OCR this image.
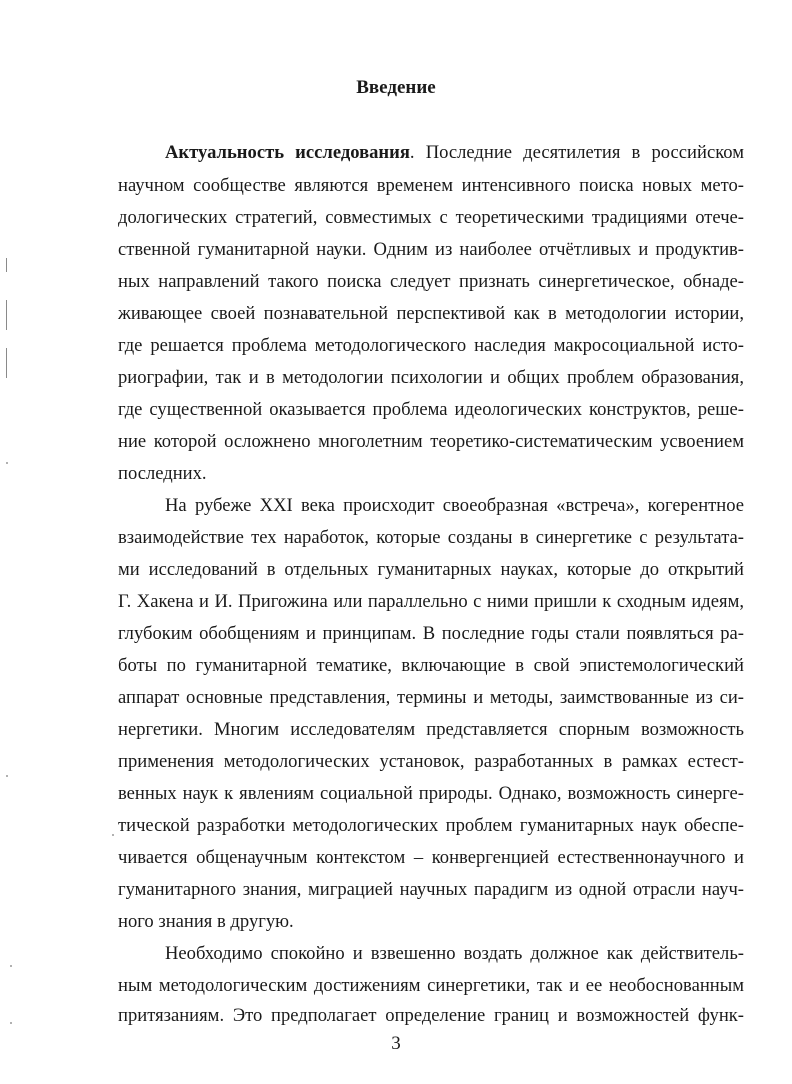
Введение
Актуальность исследования. Последние десятилетия в российском
научном сообществе являются временем интенсивного поиска новых мето-
дологических стратегий, совместимых с теоретическими традициями отече-
ственной гуманитарной науки. Одним из наиболее отчётливых и продуктив-
ных направлений такого поиска следует признать синергетическое, обнаде-
живающее своей познавательной перспективой как в методологии истории,
где решается проблема методологического наследия макросоциальной исто-
риографии, так и в методологии психологии и общих проблем образования,
где существенной оказывается проблема идеологических конструктов, реше-
ние которой осложнено многолетним теоретико-систематическим усвоением
последних.
На рубеже XXI века происходит своеобразная «встреча», когерентное
взаимодействие тех наработок, которые созданы в синергетике с результата-
ми исследований в отдельных гуманитарных науках, которые до открытий
Г. Хакена и И. Пригожина или параллельно с ними пришли к сходным идеям,
глубоким обобщениям и принципам. В последние годы стали появляться ра-
боты по гуманитарной тематике, включающие в свой эпистемологический
аппарат основные представления, термины и методы, заимствованные из си-
нергетики. Многим исследователям представляется спорным возможность
применения методологических установок, разработанных в рамках естест-
венных наук к явлениям социальной природы. Однако, возможность синерге-
тической разработки методологических проблем гуманитарных наук обеспе-
чивается общенаучным контекстом – конвергенцией естественнонаучного и
гуманитарного знания, миграцией научных парадигм из одной отрасли науч-
ного знания в другую.
Необходимо спокойно и взвешенно воздать должное как действитель-
ным методологическим достижениям синергетики, так и ее необоснованным
притязаниям. Это предполагает определение границ и возможностей функ-
3
